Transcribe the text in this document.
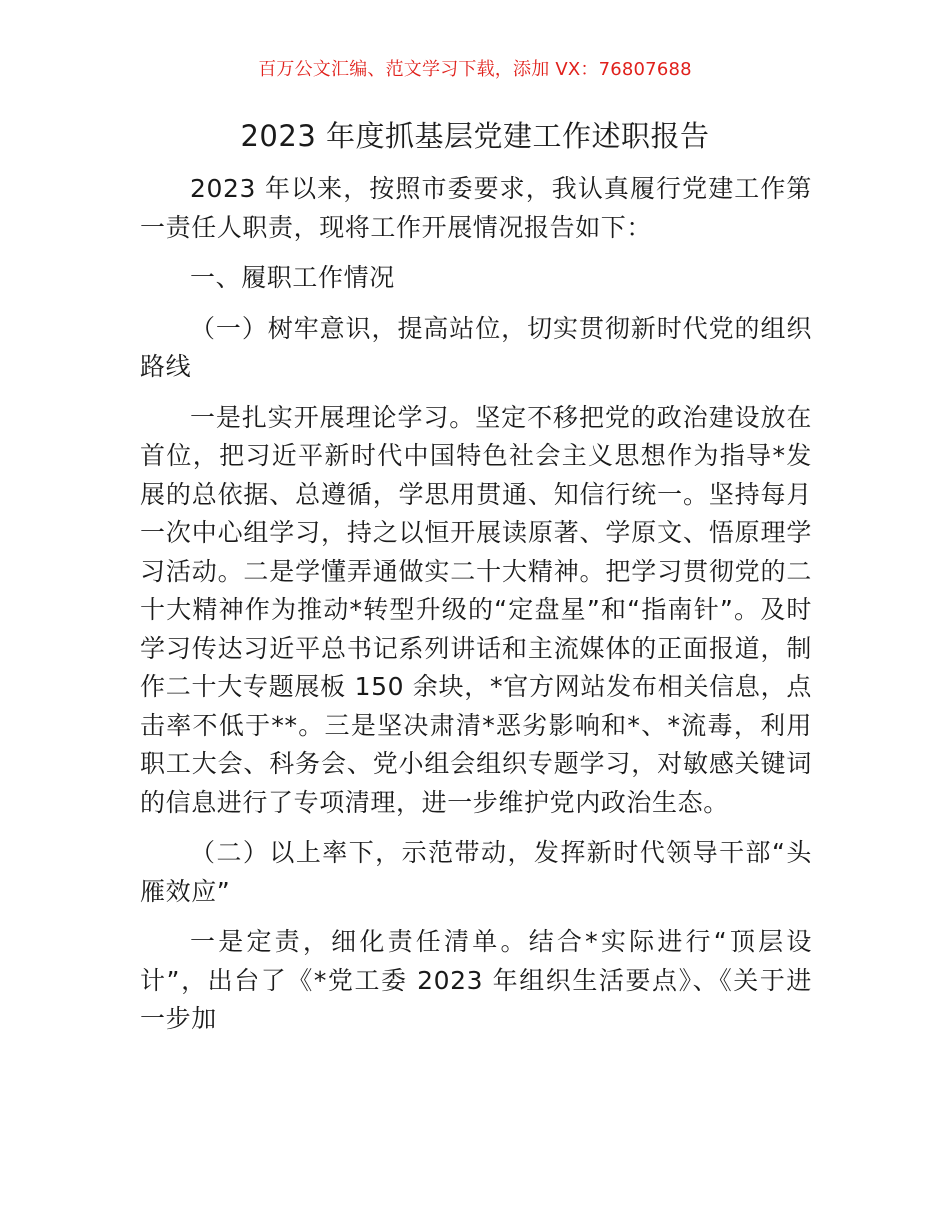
百万公文汇编、范文学习下载，添加 VX：76807688
2023 年度抓基层党建工作述职报告

2023 年以来，按照市委要求，我认真履行党建工作第一责任人职责，现将工作开展情况报告如下：

一、履职工作情况

（一）树牢意识，提高站位，切实贯彻新时代党的组织路线

一是扎实开展理论学习。坚定不移把党的政治建设放在首位，把习近平新时代中国特色社会主义思想作为指导*发展的总依据、总遵循，学思用贯通、知信行统一。坚持每月一次中心组学习，持之以恒开展读原著、学原文、悟原理学习活动。二是学懂弄通做实二十大精神。把学习贯彻党的二十大精神作为推动*转型升级的“定盘星”和“指南针”。及时学习传达习近平总书记系列讲话和主流媒体的正面报道，制作二十大专题展板 150 余块，*官方网站发布相关信息，点击率不低于**。三是坚决肃清*恶劣影响和*、*流毒，利用职工大会、科务会、党小组会组织专题学习，对敏感关键词的信息进行了专项清理，进一步维护党内政治生态。

（二）以上率下，示范带动，发挥新时代领导干部“头雁效应”

一是定责，细化责任清单。结合*实际进行“顶层设计”，出台了《*党工委 2023 年组织生活要点》、《关于进一步加
